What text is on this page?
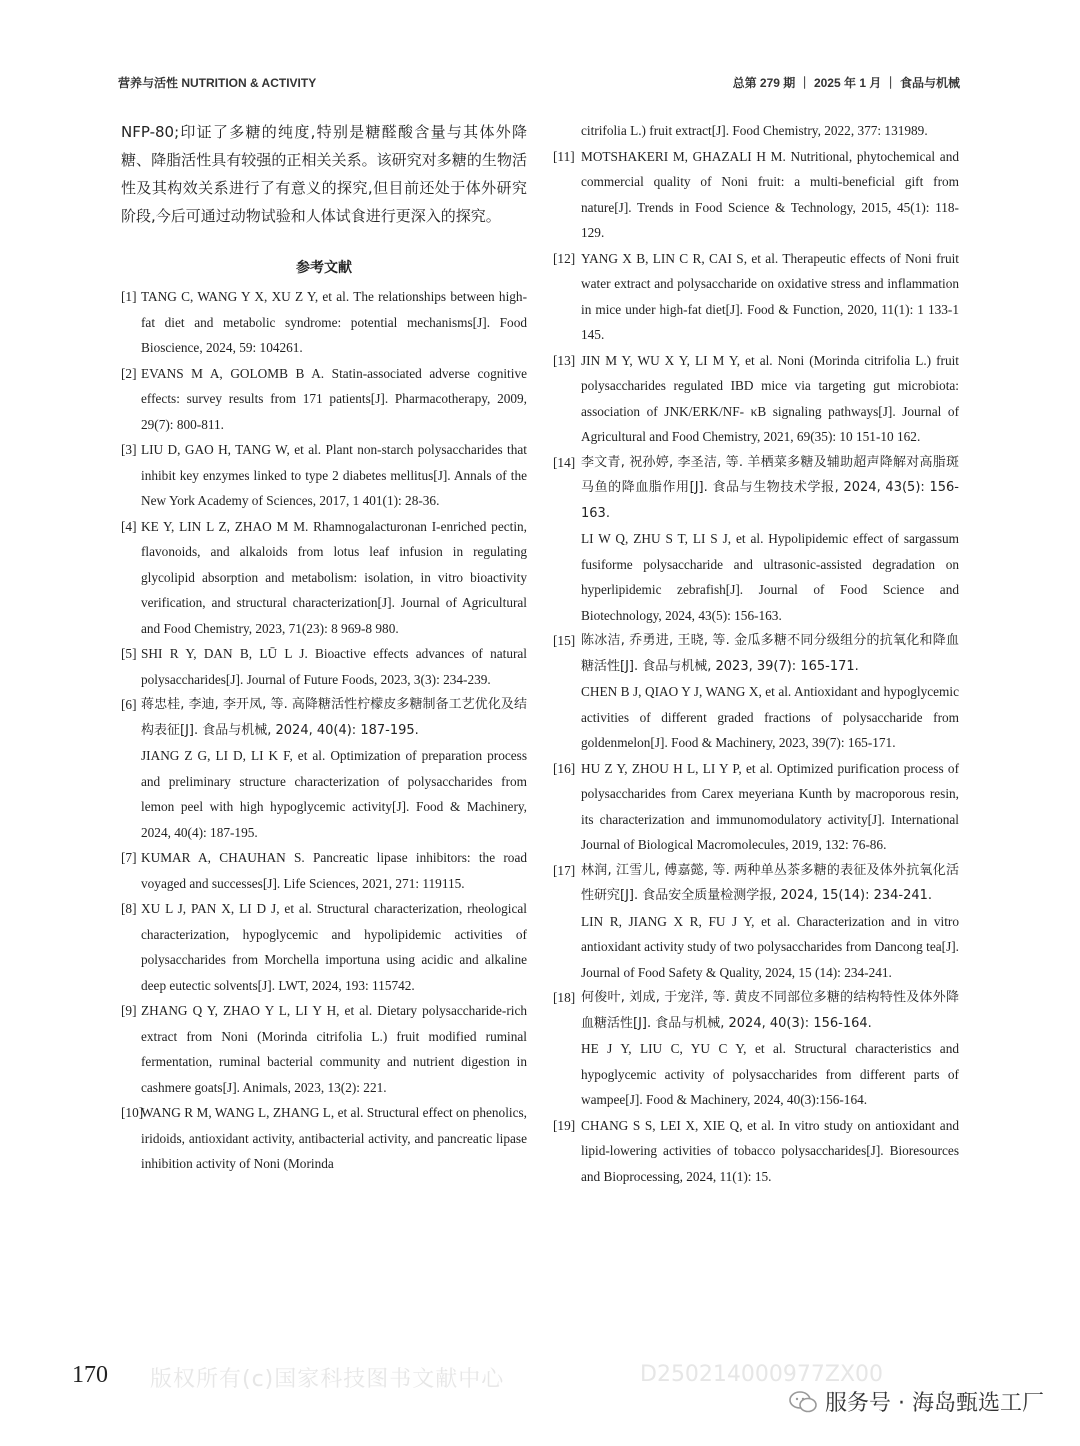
营养与活性 NUTRITION & ACTIVITY	总第 279 期 ｜ 2025 年 1 月 ｜ 食品与机械

NFP-80;印证了多糖的纯度,特别是糖醛酸含量与其体外降糖、降脂活性具有较强的正相关关系。该研究对多糖的生物活性及其构效关系进行了有意义的探究,但目前还处于体外研究阶段,今后可通过动物试验和人体试食进行更深入的探究。

参考文献
[1] TANG C, WANG Y X, XU Z Y, et al. The relationships between high-fat diet and metabolic syndrome: potential mechanisms[J]. Food Bioscience, 2024, 59: 104261.
[2] EVANS M A, GOLOMB B A. Statin-associated adverse cognitive effects: survey results from 171 patients[J]. Pharmacotherapy, 2009, 29(7): 800-811.
[3] LIU D, GAO H, TANG W, et al. Plant non-starch polysaccharides that inhibit key enzymes linked to type 2 diabetes mellitus[J]. Annals of the New York Academy of Sciences, 2017, 1 401(1): 28-36.
[4] KE Y, LIN L Z, ZHAO M M. Rhamnogalacturonan I-enriched pectin, flavonoids, and alkaloids from lotus leaf infusion in regulating glycolipid absorption and metabolism: isolation, in vitro bioactivity verification, and structural characterization[J]. Journal of Agricultural and Food Chemistry, 2023, 71(23): 8 969-8 980.
[5] SHI R Y, DAN B, LŪ L J. Bioactive effects advances of natural polysaccharides[J]. Journal of Future Foods, 2023, 3(3): 234-239.
[6] 蒋忠桂, 李迪, 李开凤, 等. 高降糖活性柠檬皮多糖制备工艺优化及结构表征[J]. 食品与机械, 2024, 40(4): 187-195.
JIANG Z G, LI D, LI K F, et al. Optimization of preparation process and preliminary structure characterization of polysaccharides from lemon peel with high hypoglycemic activity[J]. Food & Machinery, 2024, 40(4): 187-195.
[7] KUMAR A, CHAUHAN S. Pancreatic lipase inhibitors: the road voyaged and successes[J]. Life Sciences, 2021, 271: 119115.
[8] XU L J, PAN X, LI D J, et al. Structural characterization, rheological characterization, hypoglycemic and hypolipidemic activities of polysaccharides from Morchella importuna using acidic and alkaline deep eutectic solvents[J]. LWT, 2024, 193: 115742.
[9] ZHANG Q Y, ZHAO Y L, LI Y H, et al. Dietary polysaccharide-rich extract from Noni (Morinda citrifolia L.) fruit modified ruminal fermentation, ruminal bacterial community and nutrient digestion in cashmere goats[J]. Animals, 2023, 13(2): 221.
[10]
WANG R M, WANG L, ZHANG L, et al. Structural effect on phenolics, iridoids, antioxidant activity, antibacterial activity, and pancreatic lipase inhibition activity of Noni (Morinda
citrifolia L.) fruit extract[J]. Food Chemistry, 2022, 377: 131989.
[11] MOTSHAKERI M, GHAZALI H M. Nutritional, phytochemical and commercial quality of Noni fruit: a multi-beneficial gift from nature[J]. Trends in Food Science & Technology, 2015, 45(1): 118-129.
[12] YANG X B, LIN C R, CAI S, et al. Therapeutic effects of Noni fruit water extract and polysaccharide on oxidative stress and inflammation in mice under high-fat diet[J]. Food & Function, 2020, 11(1): 1 133-1 145.
[13] JIN M Y, WU X Y, LI M Y, et al. Noni (Morinda citrifolia L.) fruit polysaccharides regulated IBD mice via targeting gut microbiota: association of JNK/ERK/NF- κB signaling pathways[J]. Journal of Agricultural and Food Chemistry, 2021, 69(35): 10 151-10 162.
[14] 李文青, 祝孙婷, 李圣洁, 等. 羊栖菜多糖及辅助超声降解对高脂斑马鱼的降血脂作用[J]. 食品与生物技术学报, 2024, 43(5): 156-163.
LI W Q, ZHU S T, LI S J, et al. Hypolipidemic effect of sargassum fusiforme polysaccharide and ultrasonic-assisted degradation on hyperlipidemic zebrafish[J]. Journal of Food Science and Biotechnology, 2024, 43(5): 156-163.
[15] 陈冰洁, 乔勇进, 王晓, 等. 金瓜多糖不同分级组分的抗氧化和降血糖活性[J]. 食品与机械, 2023, 39(7): 165-171.
CHEN B J, QIAO Y J, WANG X, et al. Antioxidant and hypoglycemic activities of different graded fractions of polysaccharide from goldenmelon[J]. Food & Machinery, 2023, 39(7): 165-171.
[16] HU Z Y, ZHOU H L, LI Y P, et al. Optimized purification process of polysaccharides from Carex meyeriana Kunth by macroporous resin, its characterization and immunomodulatory activity[J]. International Journal of Biological Macromolecules, 2019, 132: 76-86.
[17] 林润, 江雪儿, 傅嘉懿, 等. 两种单丛茶多糖的表征及体外抗氧化活性研究[J]. 食品安全质量检测学报, 2024, 15(14): 234-241.
LIN R, JIANG X R, FU J Y, et al. Characterization and in vitro antioxidant activity study of two polysaccharides from Dancong tea[J]. Journal of Food Safety & Quality, 2024, 15 (14): 234-241.
[18] 何俊叶, 刘成, 于宠洋, 等. 黄皮不同部位多糖的结构特性及体外降血糖活性[J]. 食品与机械, 2024, 40(3): 156-164.
HE J Y, LIU C, YU C Y, et al. Structural characteristics and hypoglycemic activity of polysaccharides from different parts of wampee[J]. Food & Machinery, 2024, 40(3):156-164.
[19] CHANG S S, LEI X, XIE Q, et al. In vitro study on antioxidant and lipid-lowering activities of tobacco polysaccharides[J]. Bioresources and Bioprocessing, 2024, 11(1): 15.
170 版权所有(c)国家科技图书文献中心	D250214000977ZX00
服务号 · 海岛甄选工厂
